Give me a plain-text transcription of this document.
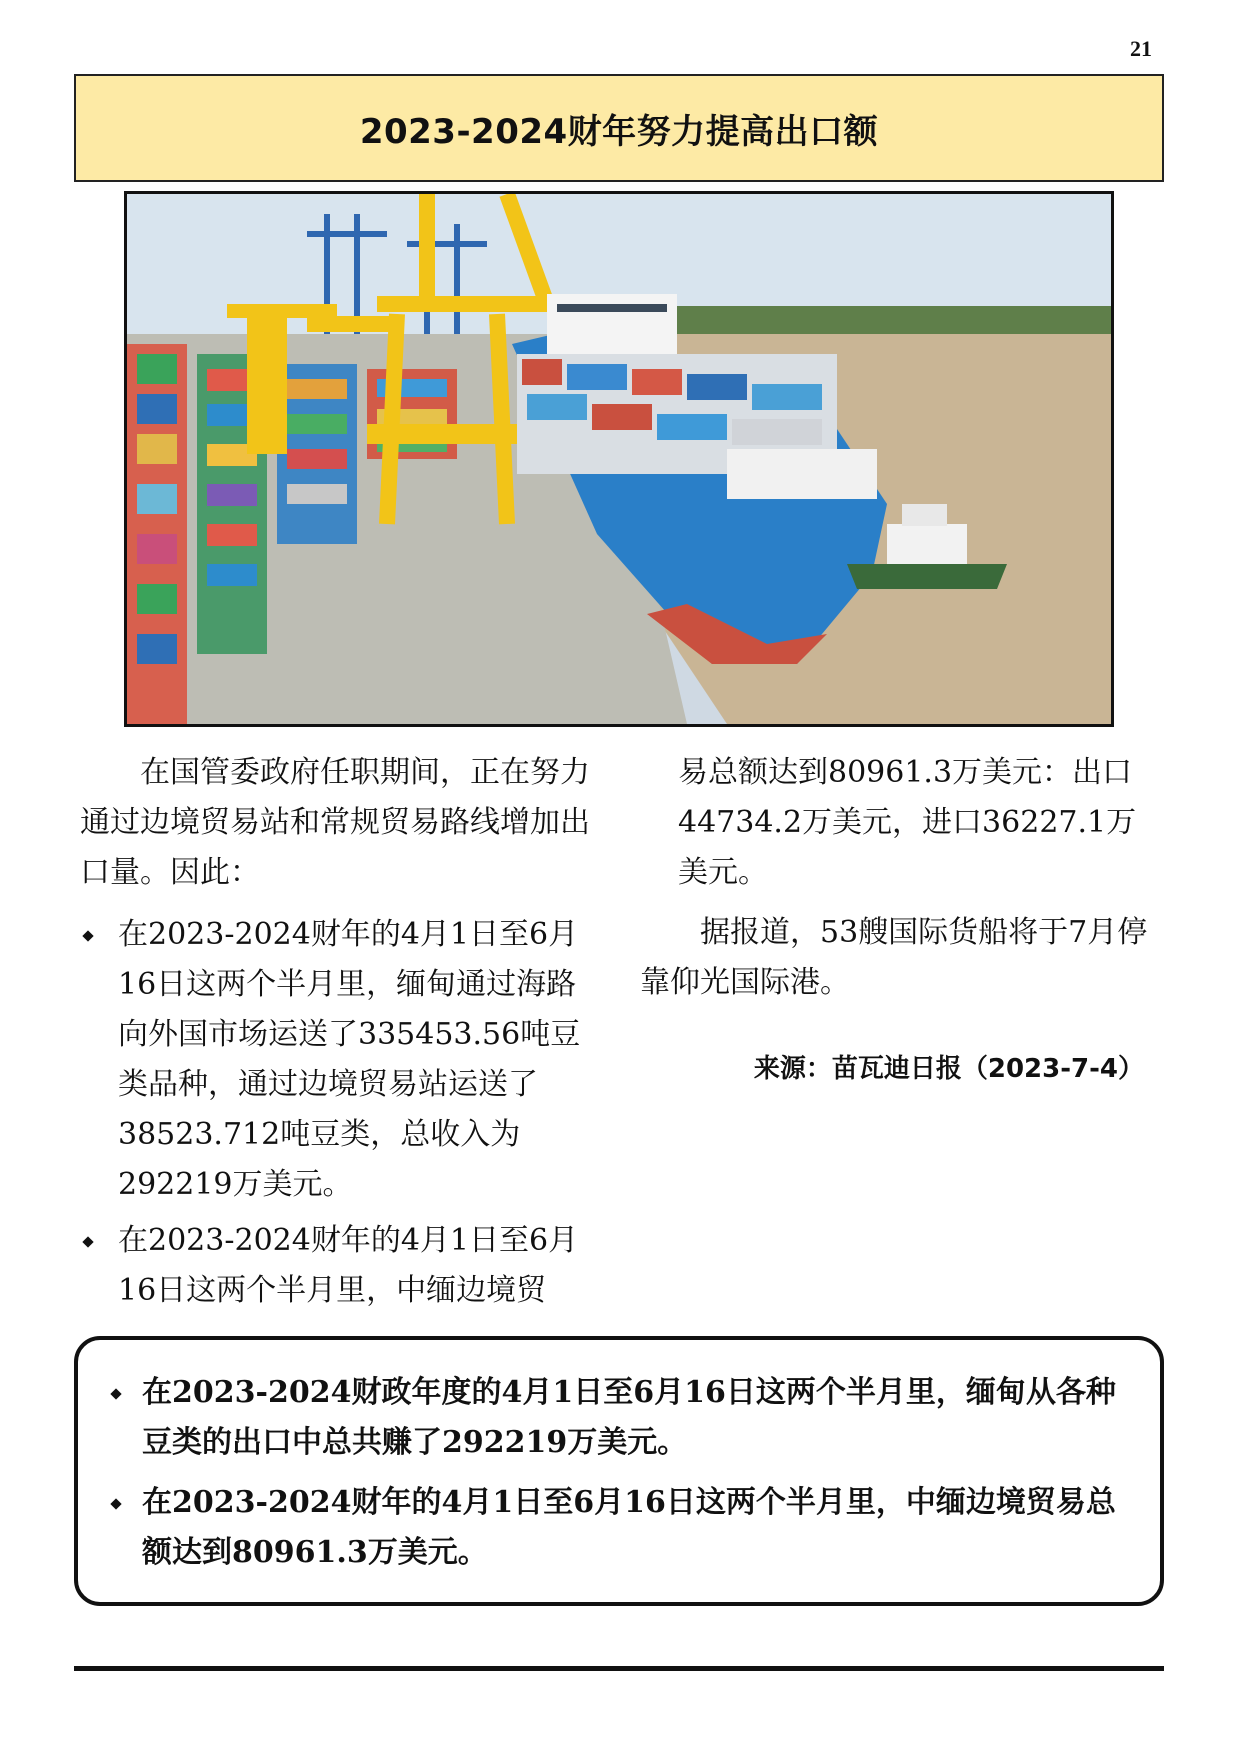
21
2023-2024财年努力提高出口额

在国管委政府任职期间，正在努力通过边境贸易站和常规贸易路线增加出口量。因此：

在2023-2024财年的4月1日至6月16日这两个半月里，缅甸通过海路向外国市场运送了335453.56吨豆类品种，通过边境贸易站运送了38523.712吨豆类，总收入为292219万美元。
在2023-2024财年的4月1日至6月16日这两个半月里，中缅边境贸

易总额达到80961.3万美元：出口44734.2万美元，进口36227.1万美元。

据报道，53艘国际货船将于7月停靠仰光国际港。

来源：苗瓦迪日报（2023-7-4）
在2023-2024财政年度的4月1日至6月16日这两个半月里，缅甸从各种豆类的出口中总共赚了292219万美元。
在2023-2024财年的4月1日至6月16日这两个半月里，中缅边境贸易总额达到80961.3万美元。
